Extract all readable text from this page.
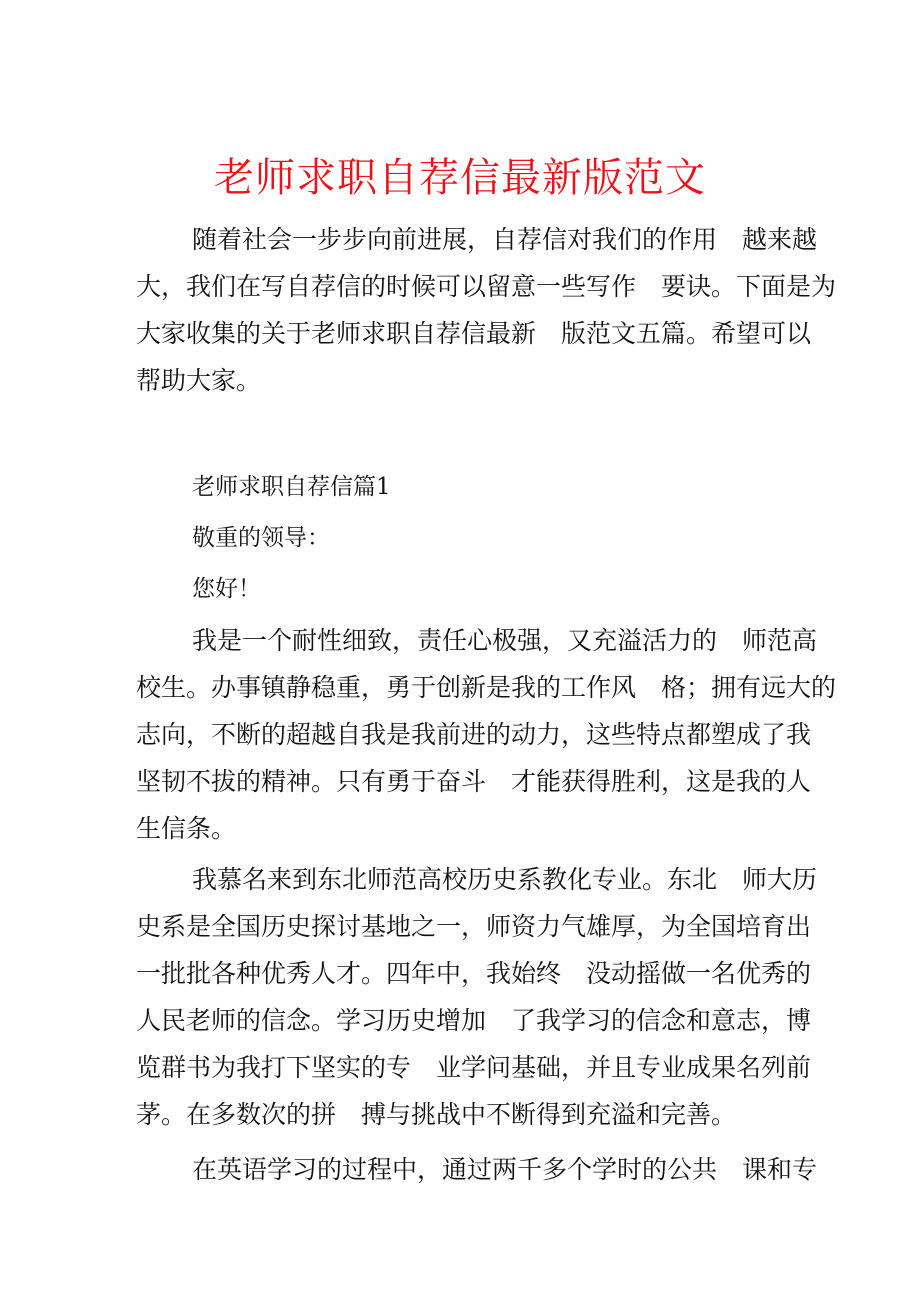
老师求职自荐信最新版范文

随着社会一步步向前进展，自荐信对我们的作用　越来越
大，我们在写自荐信的时候可以留意一些写作　要诀。下面是为
大家收集的关于老师求职自荐信最新　版范文五篇。希望可以
帮助大家。

老师求职自荐信篇1

敬重的领导：

您好！

我是一个耐性细致，责任心极强，又充溢活力的　师范高
校生。办事镇静稳重，勇于创新是我的工作风　格；拥有远大的
志向，不断的超越自我是我前进的动力，这些特点都塑成了我
坚韧不拔的精神。只有勇于奋斗　才能获得胜利，这是我的人
生信条。

我慕名来到东北师范高校历史系教化专业。东北　师大历
史系是全国历史探讨基地之一，师资力气雄厚，为全国培育出
一批批各种优秀人才。四年中，我始终　没动摇做一名优秀的
人民老师的信念。学习历史增加　了我学习的信念和意志，博
览群书为我打下坚实的专　业学问基础，并且专业成果名列前
茅。在多数次的拼　搏与挑战中不断得到充溢和完善。

在英语学习的过程中，通过两千多个学时的公共　课和专
